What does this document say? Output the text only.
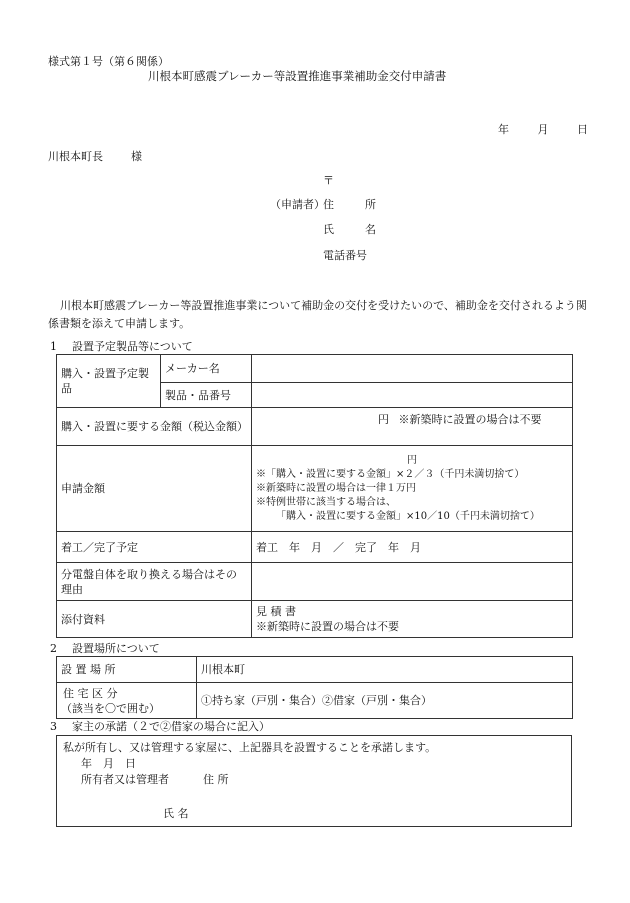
様式第１号（第６関係）
川根本町感震ブレーカー等設置推進事業補助金交付申請書
年	月	日
川根本町長	様
〒
（申請者）
住　所
氏　名
電話番号
川根本町感震ブレーカー等設置推進事業について補助金の交付を受けたいので、補助金を交付されるよう関係書類を添えて申請します。
1 設置予定製品等について
購入・設置予定製品	メーカー名	
	製品・品番号	
購入・設置に要する金額（税込金額）		円 ※新築時に設置の場合は不要
申請金額		円
※「購入・設置に要する金額」×２／３（千円未満切捨て）
※新築時に設置の場合は一律１万円
※特例世帯に該当する場合は、
「購入・設置に要する金額」×10／10（千円未満切捨て）

着工／完了予定		着工　年　月　／　完了　年　月
分電盤自体を取り換える場合はその理由		
添付資料		見 積 書
※新築時に設置の場合は不要
2 設置場所について
設 置 場 所	川根本町

住 宅 区 分
（該当を〇で囲む）	①持ち家（戸別・集合）②借家（戸別・集合）
3 家主の承諾（２で②借家の場合に記入）
私が所有し、又は管理する家屋に、上記器具を設置することを承諾します。
年　月　日
所有者又は管理者	住 所
氏 名
